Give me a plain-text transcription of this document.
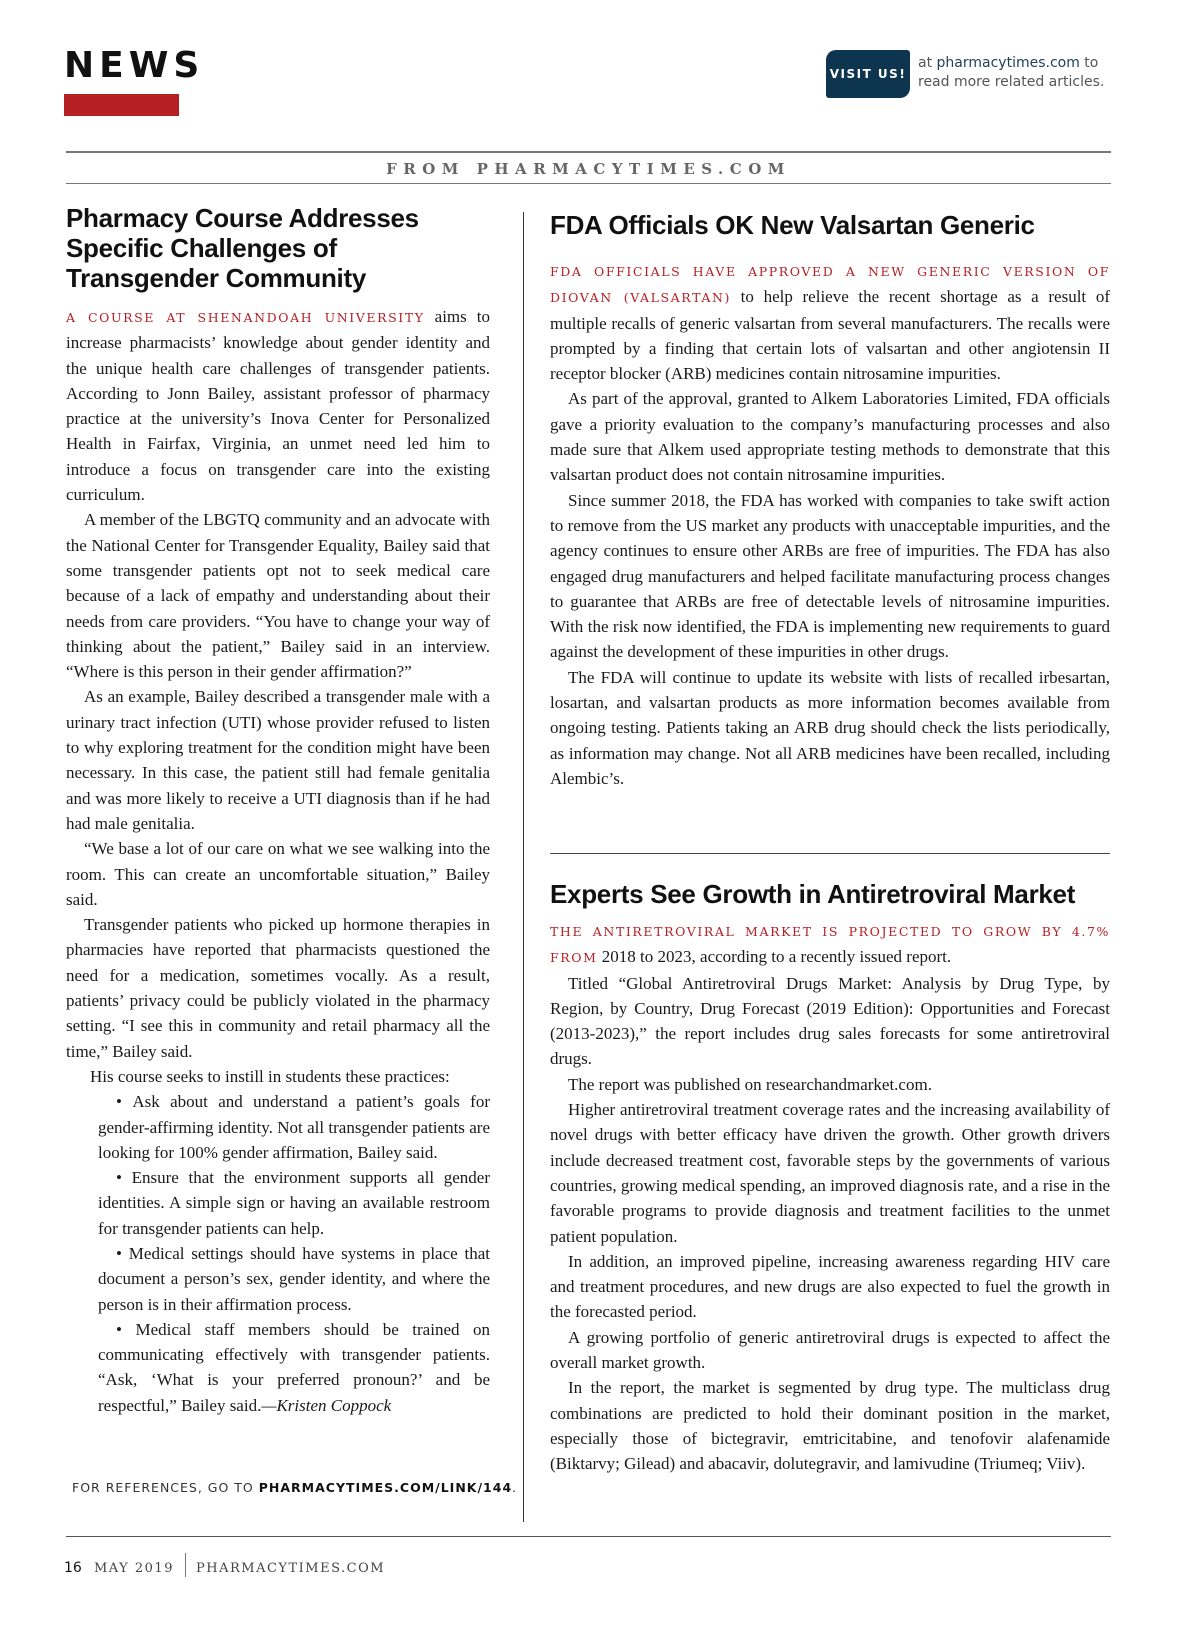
NEWS	VISIT US!
at pharmacytimes.com to read more related articles.
FROM PHARMACYTIMES.COM
Pharmacy Course Addresses Specific Challenges of Transgender Community

A COURSE AT SHENANDOAH UNIVERSITY aims to increase pharmacists’ knowledge about gender identity and the unique health care challenges of transgender patients. According to Jonn Bailey, assistant professor of pharmacy practice at the university’s Inova Center for Personalized Health in Fairfax, Virginia, an unmet need led him to introduce a focus on transgender care into the existing curriculum.

A member of the LBGTQ community and an advocate with the National Center for Transgender Equality, Bailey said that some transgender patients opt not to seek medical care because of a lack of empathy and understanding about their needs from care providers. “You have to change your way of thinking about the patient,” Bailey said in an interview. “Where is this person in their gender affirmation?”

As an example, Bailey described a transgender male with a urinary tract infection (UTI) whose provider refused to listen to why exploring treatment for the condition might have been necessary. In this case, the patient still had female genitalia and was more likely to receive a UTI diagnosis than if he had had male genitalia.

“We base a lot of our care on what we see walking into the room. This can create an uncomfortable situation,” Bailey said.

Transgender patients who picked up hormone therapies in pharmacies have reported that pharmacists questioned the need for a medication, sometimes vocally. As a result, patients’ privacy could be publicly violated in the pharmacy setting. “I see this in community and retail pharmacy all the time,” Bailey said.

His course seeks to instill in students these practices:

• Ask about and understand a patient’s goals for gender-affirming identity. Not all transgender patients are looking for 100% gender affirmation, Bailey said.

• Ensure that the environment supports all gender identities. A simple sign or having an available restroom for transgender patients can help.

• Medical settings should have systems in place that document a person’s sex, gender identity, and where the person is in their affirmation process.

• Medical staff members should be trained on communicating effectively with transgender patients. “Ask, ‘What is your preferred pronoun?’ and be respectful,” Bailey said.—Kristen Coppock

FOR REFERENCES, GO TO PHARMACYTIMES.COM/LINK/144.
FDA Officials OK New Valsartan Generic

FDA OFFICIALS HAVE APPROVED A NEW GENERIC VERSION OF DIOVAN (VALSARTAN) to help relieve the recent shortage as a result of multiple recalls of generic valsartan from several manufacturers. The recalls were prompted by a finding that certain lots of valsartan and other angiotensin II receptor blocker (ARB) medicines contain nitrosamine impurities.

As part of the approval, granted to Alkem Laboratories Limited, FDA officials gave a priority evaluation to the company’s manufacturing processes and also made sure that Alkem used appropriate testing methods to demonstrate that this valsartan product does not contain nitrosamine impurities.

Since summer 2018, the FDA has worked with companies to take swift action to remove from the US market any products with unacceptable impurities, and the agency continues to ensure other ARBs are free of impurities. The FDA has also engaged drug manufacturers and helped facilitate manufacturing process changes to guarantee that ARBs are free of detectable levels of nitrosamine impurities. With the risk now identified, the FDA is implementing new requirements to guard against the development of these impurities in other drugs.

The FDA will continue to update its website with lists of recalled irbesartan, losartan, and valsartan products as more information becomes available from ongoing testing. Patients taking an ARB drug should check the lists periodically, as information may change. Not all ARB medicines have been recalled, including Alembic’s.

Experts See Growth in Antiretroviral Market

THE ANTIRETROVIRAL MARKET IS PROJECTED TO GROW BY 4.7% FROM 2018 to 2023, according to a recently issued report.

Titled “Global Antiretroviral Drugs Market: Analysis by Drug Type, by Region, by Country, Drug Forecast (2019 Edition): Opportunities and Forecast (2013-2023),” the report includes drug sales forecasts for some antiretroviral drugs.

The report was published on researchandmarket.com.

Higher antiretroviral treatment coverage rates and the increasing availability of novel drugs with better efficacy have driven the growth. Other growth drivers include decreased treatment cost, favorable steps by the governments of various countries, growing medical spending, an improved diagnosis rate, and a rise in the favorable programs to provide diagnosis and treatment facilities to the unmet patient population.

In addition, an improved pipeline, increasing awareness regarding HIV care and treatment procedures, and new drugs are also expected to fuel the growth in the forecasted period.

A growing portfolio of generic antiretroviral drugs is expected to affect the overall market growth.

In the report, the market is segmented by drug type. The multiclass drug combinations are predicted to hold their dominant position in the market, especially those of bictegravir, emtricitabine, and tenofovir alafenamide (Biktarvy; Gilead) and abacavir, dolutegravir, and lamivudine (Triumeq; Viiv).

16 MAY 2019 PHARMACYTIMES.COM
